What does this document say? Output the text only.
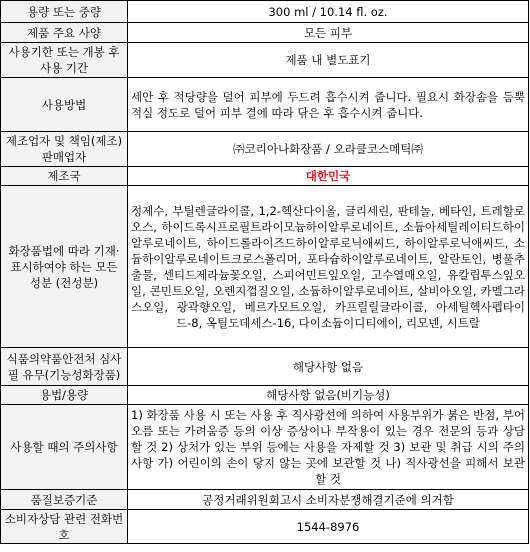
용량 또는 중량	300 ml / 10.14 fl. oz.
제품 주요 사양	모든 피부
사용기한 또는 개봉 후 사용 기간	제품 내 별도표기
사용방법	세안 후 적당량을 덜어 피부에 두드려 흡수시켜 줍니다. 필요시 화장솜을 듬뿍 적실 정도로 덜어 피부 결에 따라 닦은 후 흡수시켜 줍니다.
제조업자 및 책임(제조)판매업자	㈜코리아나화장품 / 오라클코스메틱㈜
제조국	대한민국
화장품법에 따라 기재·표시하여야 하는 모든 성분 (전성분)	정제수, 부틸렌글라이콜, 1,2-헥산다이올, 글리세린, 판테놀, 베타인, 트레할로오스, 하이드록시프로필트라이모늄하이알루로네이트, 소듐아세틸레이티드하이알루로네이트, 하이드롤라이즈드하이알루로닉애씨드, 하이알루로닉애씨드, 소듐하이알루로네이트크로스폴리머, 포타슘하이알루로네이트, 알란토인, 병풀추출물, 센티드제라늄꽃오일, 스피어민트잎오일, 고수열매오일, 유칼립투스잎오일, 콘민트오일, 오렌지껍질오일, 소듐하이알루로네이트, 살비아오일, 카멜그라스오일, 광곽향오일, 베르가모트오일, 카프릴릴글라이콜, 아세틸헥사펩타이드-8, 옥틸도데세스-16, 다이소듐이디티에이, 리모넨, 시트랄
식품의약품안전처 심사 필 유무(기능성화장품)	해당사항 없음
용법/용량	해당사항 없음(비기능성)
사용할 때의 주의사항	1) 화장품 사용 시 또는 사용 후 직사광선에 의하여 사용부위가 붉은 반점, 부어오름 또는 가려움증 등의 이상 증상이나 부작용이 있는 경우 전문의 등과 상담할 것 2) 상처가 있는 부위 등에는 사용을 자제할 것 3) 보관 및 취급 시의 주의사항 가) 어린이의 손이 닿지 않는 곳에 보관할 것 나) 직사광선을 피해서 보관할 것
품질보증기준	공정거래위원회고시 소비자분쟁해결기준에 의거함
소비자상담 관련 전화번호	1544-8976
